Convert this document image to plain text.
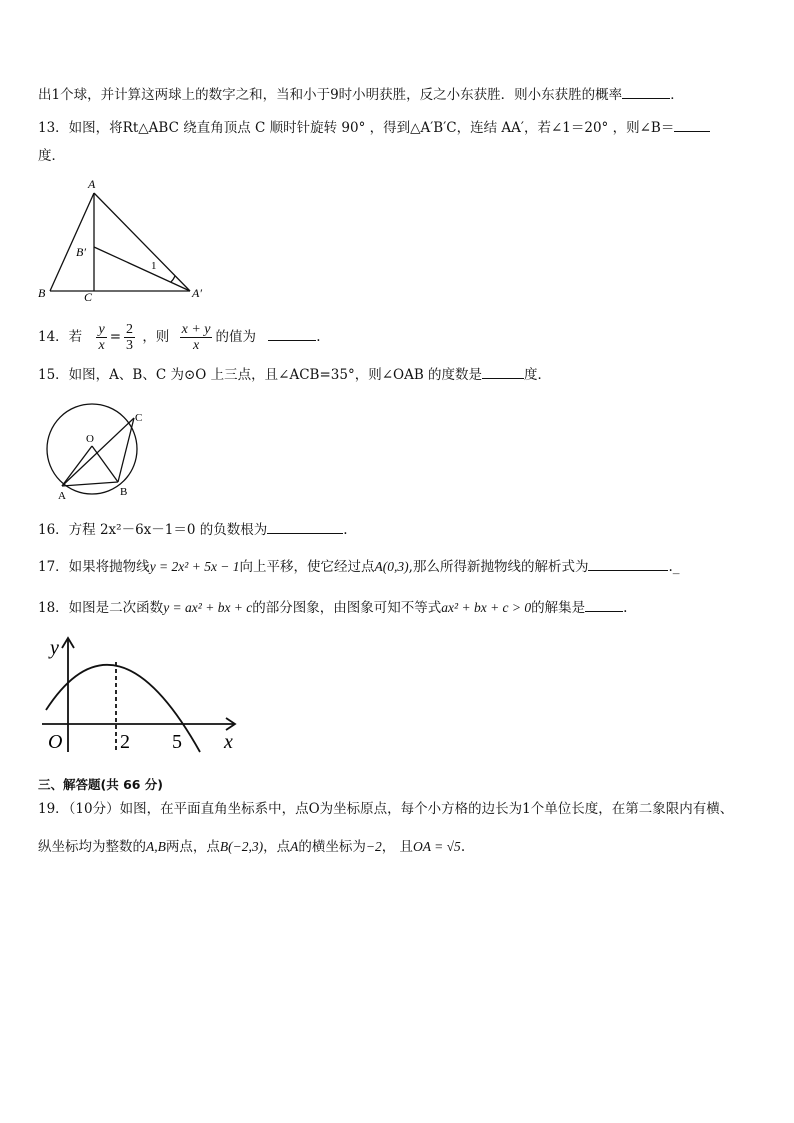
出1个球，并计算这两球上的数字之和，当和小于9时小明获胜，反之小东获胜．则小东获胜的概率	．
13．如图，将Rt△ABC 绕直角顶点 C 顺时针旋转 90° ，得到△A′B′C，连结 AA′，若∠1＝20° ，则∠B＝
度．
A
B	C
B′
A′
1
14．若 $\frac{y}{x} = \frac{2}{3}$ ，则 $\frac{x + y}{x}$ 的值为	.
15．如图，A、B、C 为⊙O 上三点，且∠ACB=35°，则∠OAB 的度数是	度．
O
A	B
C
16．方程 2x²－6x－1＝0 的负数根为	.
17．如果将抛物线y = 2x² + 5x − 1向上平移，使它经过点A(0,3),那么所得新抛物线的解析式为	._
18．如图是二次函数y = ax² + bx + c的部分图象，由图象可知不等式ax² + bx + c > 0的解集是	.
y
x
O	2 5
三、解答题(共 66 分)
19．（10分）如图，在平面直角坐标系中，点O为坐标原点，每个小方格的边长为1个单位长度，在第二象限内有横、
纵坐标均为整数的A,B两点，点B(−2,3)，点A的横坐标为−2， 且OA = √5.
